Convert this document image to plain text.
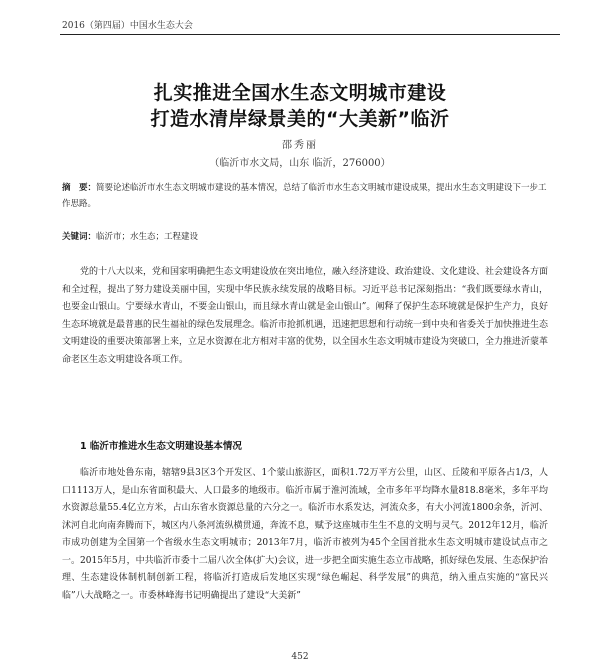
2016（第四届）中国水生态大会
扎实推进全国水生态文明城市建设
打造水清岸绿景美的“大美新”临沂
邵秀丽
（临沂市水文局，山东 临沂，276000）
摘　要：简要论述临沂市水生态文明城市建设的基本情况，总结了临沂市水生态文明城市建设成果，提出水生态文明建设下一步工作思路。
关键词：临沂市；水生态；工程建设

党的十八大以来，党和国家明确把生态文明建设放在突出地位，融入经济建设、政治建设、文化建设、社会建设各方面和全过程，提出了努力建设美丽中国，实现中华民族永续发展的战略目标。习近平总书记深刻指出：“我们既要绿水青山，也要金山银山。宁要绿水青山，不要金山银山，而且绿水青山就是金山银山”。阐释了保护生态环境就是保护生产力，良好生态环境就是最普惠的民生福祉的绿色发展理念。临沂市抢抓机遇，迅速把思想和行动统一到中央和省委关于加快推进生态文明建设的重要决策部署上来，立足水资源在北方相对丰富的优势，以全国水生态文明城市建设为突破口，全力推进沂蒙革命老区生态文明建设各项工作。

1 临沂市推进水生态文明建设基本情况

临沂市地处鲁东南，辖辖9县3区3个开发区、1个蒙山旅游区，面积1.72万平方公里，山区、丘陵和平原各占1/3，人口1113万人，是山东省面积最大、人口最多的地级市。临沂市属于淮河流域，全市多年平均降水量818.8毫米，多年平均水资源总量55.4亿立方米，占山东省水资源总量的六分之一。临沂市水系发达，河流众多，有大小河流1800余条，沂河、沭河自北向南奔腾而下，城区内八条河流纵横贯通，奔流不息，赋予这座城市生生不息的文明与灵气。2012年12月，临沂市成功创建为全国第一个省级水生态文明城市；2013年7月，临沂市被列为45个全国首批水生态文明城市建设试点市之一。2015年5月，中共临沂市委十二届八次全体(扩大)会议，进一步把全面实施生态立市战略，抓好绿色发展、生态保护治理、生态建设体制机制创新工程，将临沂打造成后发地区实现“绿色崛起、科学发展”的典范，纳入重点实施的“富民兴临”八大战略之一。市委林峰海书记明确提出了建设“大美新”

452
